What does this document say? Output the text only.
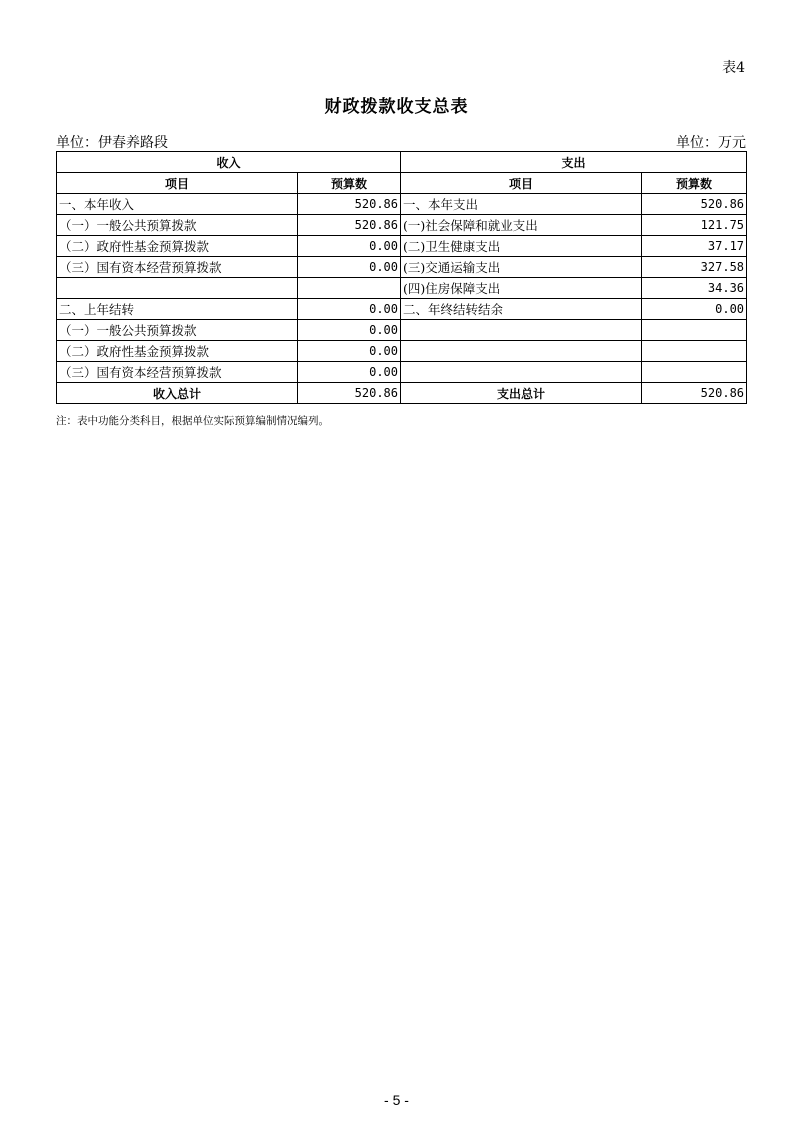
表4
财政拨款收支总表
单位：伊春养路段	单位：万元
收入		支出	
项目	预算数	项目	预算数
一、本年收入	520.86	一、本年支出	520.86
（一）一般公共预算拨款	520.86	(一)社会保障和就业支出	121.75
（二）政府性基金预算拨款	0.00	(二)卫生健康支出	37.17
（三）国有资本经营预算拨款	0.00	(三)交通运输支出	327.58
		(四)住房保障支出	34.36
二、上年结转	0.00	二、年终结转结余	0.00
（一）一般公共预算拨款	0.00		
（二）政府性基金预算拨款	0.00		
（三）国有资本经营预算拨款	0.00		
收入总计	520.86	支出总计	520.86
注：表中功能分类科目，根据单位实际预算编制情况编列。
- 5 -
